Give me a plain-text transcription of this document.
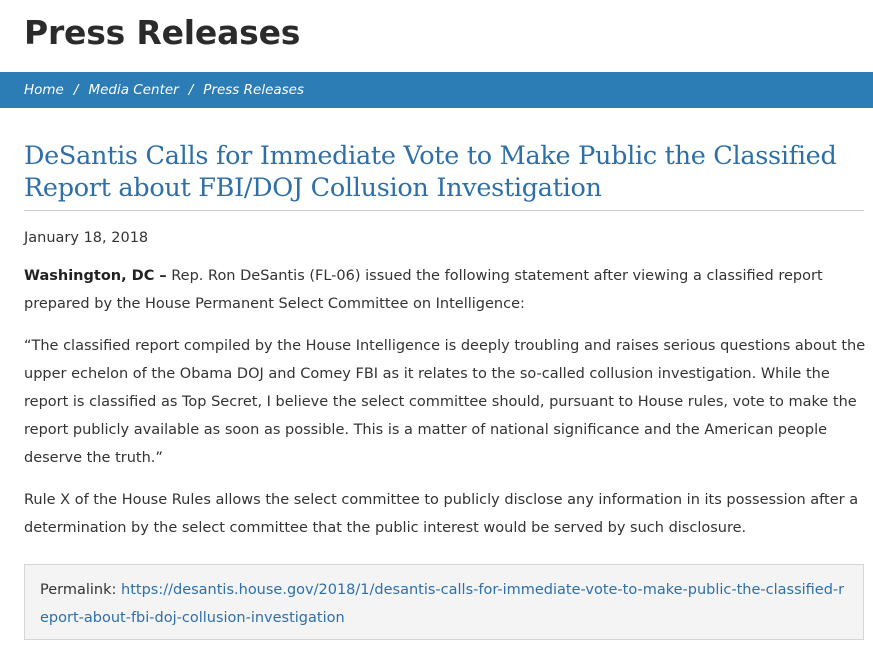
Press Releases
Home / Media Center / Press Releases
DeSantis Calls for Immediate Vote to Make Public the Classified Report about FBI/DOJ Collusion Investigation
January 18, 2018

Washington, DC – Rep. Ron DeSantis (FL-06) issued the following statement after viewing a classified report prepared by the House Permanent Select Committee on Intelligence:

“The classified report compiled by the House Intelligence is deeply troubling and raises serious questions about the upper echelon of the Obama DOJ and Comey FBI as it relates to the so-called collusion investigation. While the report is classified as Top Secret, I believe the select committee should, pursuant to House rules, vote to make the report publicly available as soon as possible. This is a matter of national significance and the American people deserve the truth.”

Rule X of the House Rules allows the select committee to publicly disclose any information in its possession after a determination by the select committee that the public interest would be served by such disclosure.

Permalink: https://desantis.house.gov/2018/1/desantis-calls-for-immediate-vote-to-make-public-the-classified-report-about-fbi-doj-collusion-investigation
